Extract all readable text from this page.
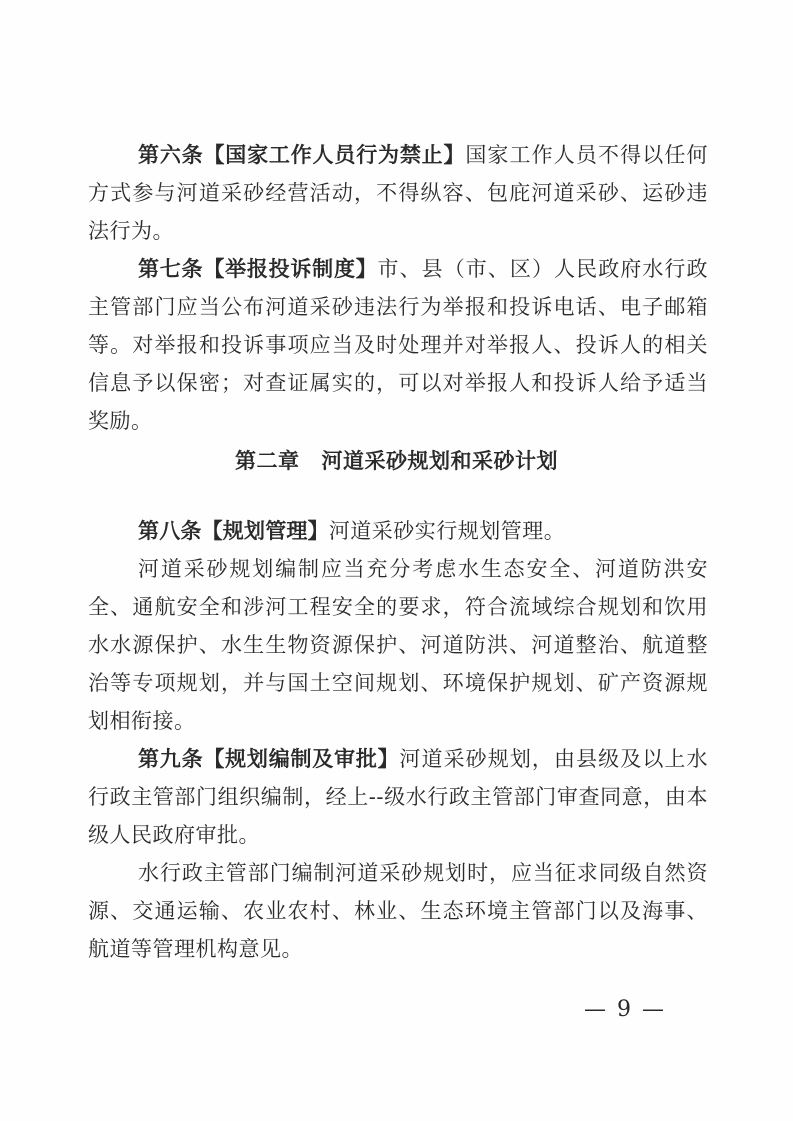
第六条【国家工作人员行为禁止】国家工作人员不得以任何方式参与河道采砂经营活动，不得纵容、包庇河道采砂、运砂违法行为。

第七条【举报投诉制度】市、县（市、区）人民政府水行政主管部门应当公布河道采砂违法行为举报和投诉电话、电子邮箱等。对举报和投诉事项应当及时处理并对举报人、投诉人的相关信息予以保密；对查证属实的，可以对举报人和投诉人给予适当奖励。

第二章 河道采砂规划和采砂计划

第八条【规划管理】河道采砂实行规划管理。

河道采砂规划编制应当充分考虑水生态安全、河道防洪安全、通航安全和涉河工程安全的要求，符合流域综合规划和饮用水水源保护、水生生物资源保护、河道防洪、河道整治、航道整治等专项规划，并与国土空间规划、环境保护规划、矿产资源规划相衔接。

第九条【规划编制及审批】河道采砂规划，由县级及以上水行政主管部门组织编制，经上--级水行政主管部门审查同意，由本级人民政府审批。

水行政主管部门编制河道采砂规划时，应当征求同级自然资源、交通运输、农业农村、林业、生态环境主管部门以及海事、航道等管理机构意见。

— 9 —
